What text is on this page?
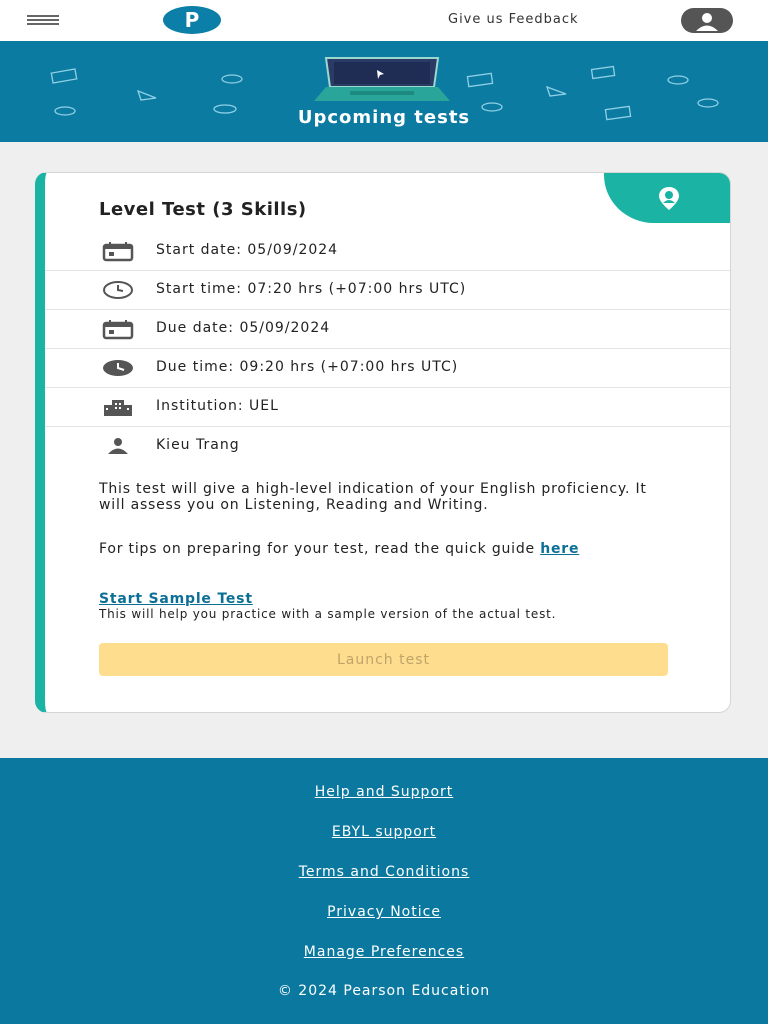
P	Give us Feedback
Upcoming tests
Level Test (3 Skills)
Start date: 05/09/2024
Start time: 07:20 hrs (+07:00 hrs UTC)
Due date: 05/09/2024
Due time: 09:20 hrs (+07:00 hrs UTC)
Institution: UEL
Kieu Trang
This test will give a high-level indication of your English proficiency. It will assess you on Listening, Reading and Writing.
For tips on preparing for your test, read the quick guide here
Start Sample Test
This will help you practice with a sample version of the actual test.
Launch test
Help and Support
EBYL support
Terms and Conditions
Privacy Notice
Manage Preferences
© 2024 Pearson Education
